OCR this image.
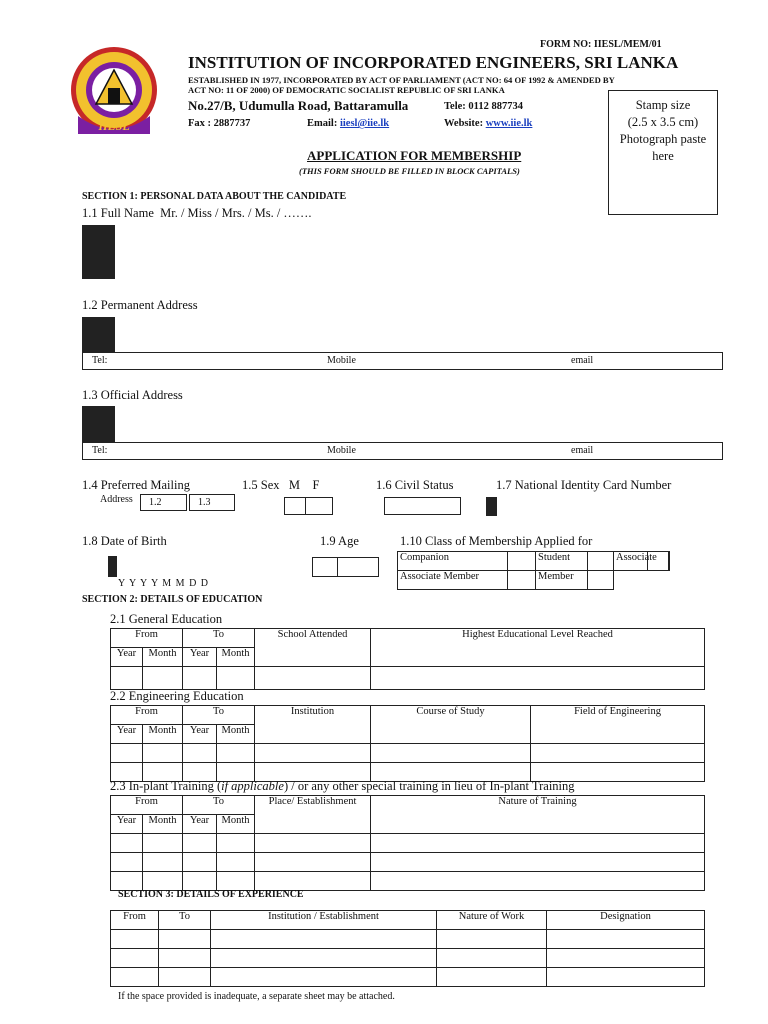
FORM NO: IIESL/MEM/01
IIESL
INSTITUTION OF INCORPORATED ENGINEERS, SRI LANKA
ESTABLISHED IN 1977, INCORPORATED BY ACT OF PARLIAMENT (ACT NO: 64 OF 1992 & AMENDED BY
ACT NO: 11 OF 2000) OF DEMOCRATIC SOCIALIST REPUBLIC OF SRI LANKA
No.27/B, Udumulla Road, Battaramulla	Tele: 0112 887734
Fax : 2887737	Email: iiesl@iie.lk	Website: www.iie.lk
Stamp size
(2.5 x 3.5 cm)
Photograph paste
here
APPLICATION FOR MEMBERSHIP
(THIS FORM SHOULD BE FILLED IN BLOCK CAPITALS)
SECTION 1: PERSONAL DATA ABOUT THE CANDIDATE
1.1 Full Name Mr. / Miss / Mrs. / Ms. / …….

1.2 Permanent Address

Tel:	Mobile	email
1.3 Official Address

Tel:	Mobile	email
1.4 Preferred Mailing
Address 1.2	1.3
1.5 Sex M F	1.6 Civil Status	1.7 National Identity Card Number

1.8 Date of Birth

Y Y Y Y M M D D
1.9 Age	1.10 Class of Membership Applied for
Companion		Student		Associate
Associate Member		Member		
SECTION 2: DETAILS OF EDUCATION
2.1 General Education
From		To		School Attended	Highest Educational Level Reached
Year	Month	Year	Month		

2.2 Engineering Education
From		To		Institution	Course of Study	Field of Engineering
Year	Month	Year	Month			

2.3 In-plant Training (if applicable) / or any other special training in lieu of In-plant Training
From		To		Place/ Establishment	Nature of Training
Year	Month	Year	Month		

SECTION 3: DETAILS OF EXPERIENCE
From	To	Institution / Establishment	Nature of Work	Designation

If the space provided is inadequate, a separate sheet may be attached.
